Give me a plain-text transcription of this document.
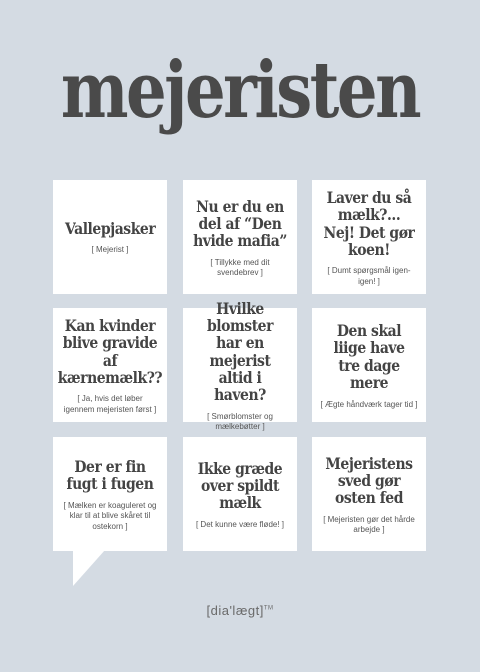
mejeristen
Vallepjasker
[ Mejerist ]
Nu er du en del af “Den hvide mafia”
[ Tillykke med dit svendebrev ]
Laver du så mælk?... Nej! Det gør koen!
[ Dumt spørgsmål igen-igen! ]
Kan kvinder blive gravide af kærnemælk??
[ Ja, hvis det løber igennem mejeristen først ]
Hvilke blomster har en mejerist altid i haven?
[ Smørblomster og mælkebøtter ]
Den skal liige have tre dage mere
[ Ægte håndværk tager tid ]
Der er fin fugt i fugen
[ Mælken er koaguleret og klar til at blive skåret til ostekorn ]
Ikke græde over spildt mælk
[ Det kunne være fløde! ]
Mejeristens sved gør osten fed
[ Mejeristen gør det hårde arbejde ]
[dia'lægt]™
